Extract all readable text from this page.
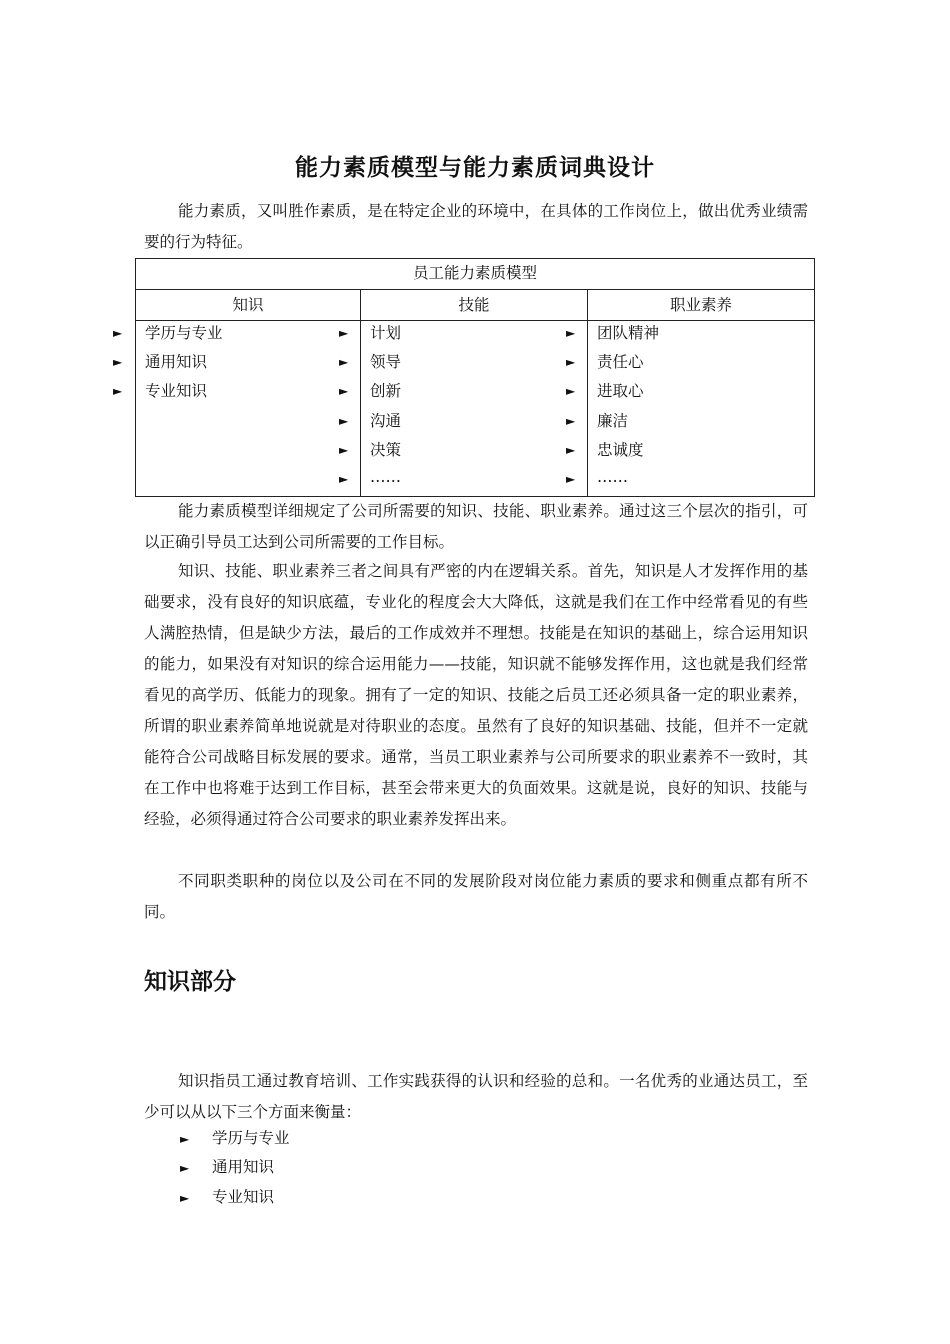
能力素质模型与能力素质词典设计

能力素质，又叫胜作素质，是在特定企业的环境中，在具体的工作岗位上，做出优秀业绩需要的行为特征。

员工能力素质模型
知识	技能	职业素养
► 学历与专业
► 通用知识
► 专业知识
► 计划
► 领导
► 创新
► 沟通
► 决策
► ……
► 团队精神
► 责任心
► 进取心
► 廉洁
► 忠诚度
► ……

能力素质模型详细规定了公司所需要的知识、技能、职业素养。通过这三个层次的指引，可以正确引导员工达到公司所需要的工作目标。

知识、技能、职业素养三者之间具有严密的内在逻辑关系。首先，知识是人才发挥作用的基础要求，没有良好的知识底蕴，专业化的程度会大大降低，这就是我们在工作中经常看见的有些人满腔热情，但是缺少方法，最后的工作成效并不理想。技能是在知识的基础上，综合运用知识的能力，如果没有对知识的综合运用能力——技能，知识就不能够发挥作用，这也就是我们经常看见的高学历、低能力的现象。拥有了一定的知识、技能之后员工还必须具备一定的职业素养，所谓的职业素养简单地说就是对待职业的态度。虽然有了良好的知识基础、技能，但并不一定就能符合公司战略目标发展的要求。通常，当员工职业素养与公司所要求的职业素养不一致时，其在工作中也将难于达到工作目标，甚至会带来更大的负面效果。这就是说，良好的知识、技能与经验，必须得通过符合公司要求的职业素养发挥出来。

不同职类职种的岗位以及公司在不同的发展阶段对岗位能力素质的要求和侧重点都有所不同。

知识部分

知识指员工通过教育培训、工作实践获得的认识和经验的总和。一名优秀的业通达员工，至少可以从以下三个方面来衡量：

► 学历与专业
► 通用知识
► 专业知识
